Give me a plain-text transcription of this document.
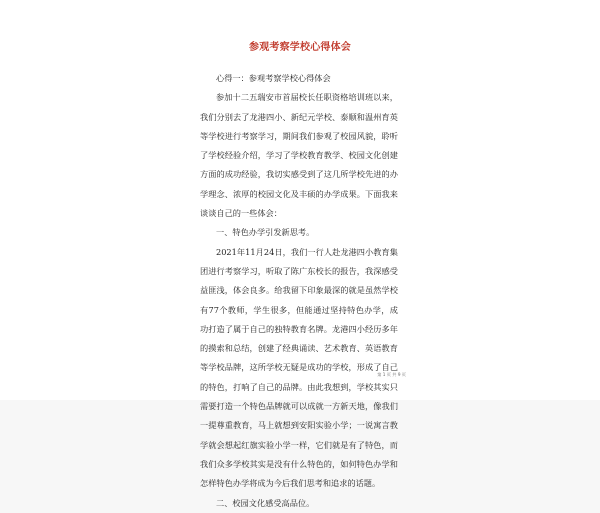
参观考察学校心得体会

心得一：参观考察学校心得体会

参加十二五瑞安市首届校长任职资格培训班以来，我们分别去了龙港四小、新纪元学校、泰顺和温州育英等学校进行考察学习，期间我们参观了校园风貌，聆听了学校经验介绍，学习了学校教育教学、校园文化创建方面的成功经验，我切实感受到了这几所学校先进的办学理念、浓厚的校园文化及丰硕的办学成果。下面我来谈谈自己的一些体会：

一、特色办学引发新思考。

2021年11月24日，我们一行人赴龙港四小教育集团进行考察学习，听取了陈广东校长的报告，我深感受益匪浅，体会良多。给我留下印象最深的就是虽然学校有77个教师，学生很多，但能通过坚持特色办学，成功打造了属于自己的独特教育名牌。龙港四小经历多年的摸索和总结，创建了经典诵读、艺术教育、英语教育等学校品牌，这所学校无疑是成功的学校，形成了自己的特色，打响了自己的品牌。由此我想到，学校其实只需要打造一个特色品牌就可以成就一方新天地，像我们一提尊重教育，马上就想到安阳实验小学；一说寓言教学就会想起红旗实验小学一样，它们就是有了特色，而我们众多学校其实是没有什么特色的，如何特色办学和怎样特色办学将成为今后我们思考和追求的话题。

二、校园文化感受高品位。

第 1 页 共 9 页
